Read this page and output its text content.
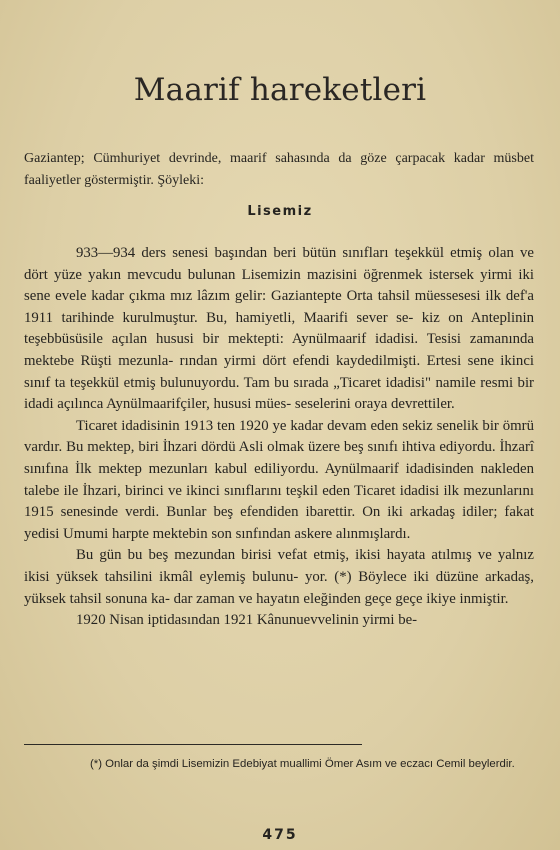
Maarif hareketleri
Gaziantep; Cümhuriyet devrinde, maarif sahasında da göze çarpacak kadar müsbet faaliyetler göstermiştir. Şöyleki:
Lisemiz

933—934 ders senesi başından beri bütün sınıfları teşekkül etmiş olan ve dört yüze yakın mevcudu bulunan Lisemizin mazisini öğrenmek istersek yirmi iki sene evele kadar çıkma mız lâzım gelir: Gaziantepte Orta tahsil müessesesi ilk def'a 1911 tarihinde kurulmuştur. Bu, hamiyetli, Maarifi sever se- kiz on Anteplinin teşebbüsüsile açılan hususi bir mektepti: Aynülmaarif idadisi. Tesisi zamanında mektebe Rüşti mezunla- rından yirmi dört efendi kaydedilmişti. Ertesi sene ikinci sınıf ta teşekkül etmiş bulunuyordu. Tam bu sırada „Ticaret idadisi" namile resmi bir idadi açılınca Aynülmaarifçiler, hususi mües- seselerini oraya devrettiler.

Ticaret idadisinin 1913 ten 1920 ye kadar devam eden sekiz senelik bir ömrü vardır. Bu mektep, biri İhzari dördü Asli olmak üzere beş sınıfı ihtiva ediyordu. İhzarî sınıfına İlk mektep mezunları kabul ediliyordu. Aynülmaarif idadisinden nakleden talebe ile İhzari, birinci ve ikinci sınıflarını teşkil eden Ticaret idadisi ilk mezunlarını 1915 senesinde verdi. Bunlar beş efendiden ibarettir. On iki arkadaş idiler; fakat yedisi Umumi harpte mektebin son sınfından askere alınmışlardı.

Bu gün bu beş mezundan birisi vefat etmiş, ikisi hayata atılmış ve yalnız ikisi yüksek tahsilini ikmâl eylemiş bulunu- yor. (*) Böylece iki düzüne arkadaş, yüksek tahsil sonuna ka- dar zaman ve hayatın eleğinden geçe geçe ikiye inmiştir.

1920 Nisan iptidasından 1921 Kânunuevvelinin yirmi be-

(*) Onlar da şimdi Lisemizin Edebiyat muallimi Ömer Asım ve eczacı Cemil beylerdir.
475
